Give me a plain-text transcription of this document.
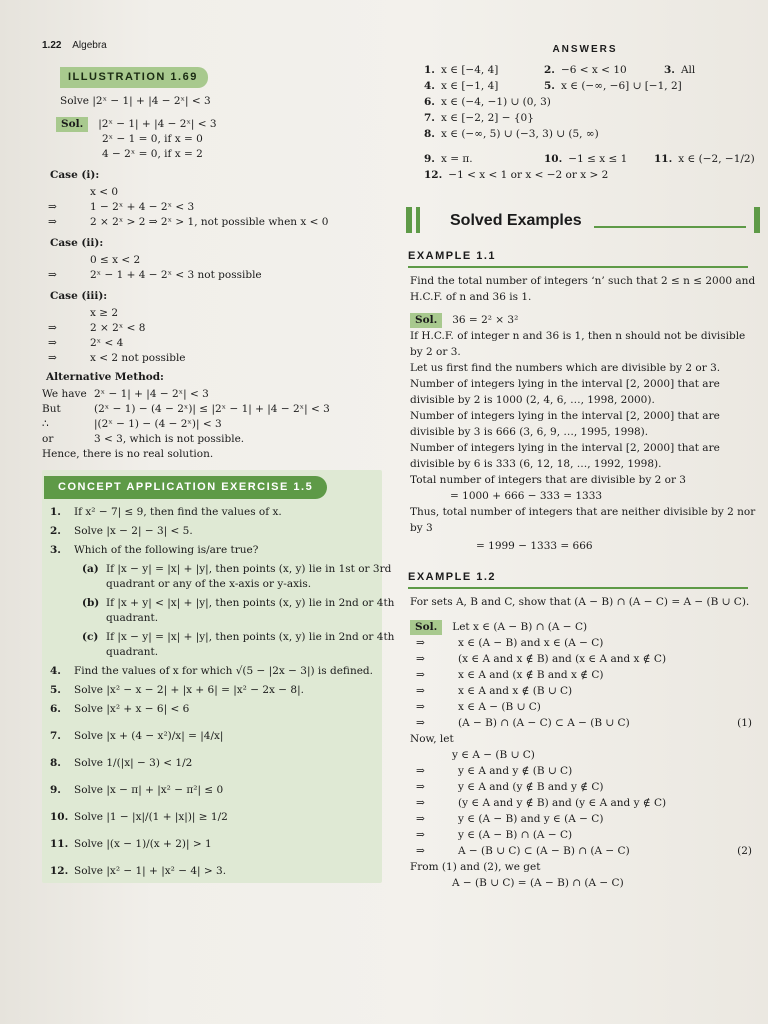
1.22 Algebra
ILLUSTRATION 1.69
Solve |2ˣ − 1| + |4 − 2ˣ| < 3
Sol. |2ˣ − 1| + |4 − 2ˣ| < 3
2ˣ − 1 = 0, if x = 0
4 − 2ˣ = 0, if x = 2
Case (i):
x < 0
⇒	1 − 2ˣ + 4 − 2ˣ < 3
⇒	2 × 2ˣ > 2 ⇒ 2ˣ > 1, not possible when x < 0
Case (ii):
0 ≤ x < 2
⇒	2ˣ − 1 + 4 − 2ˣ < 3 not possible
Case (iii):
x ≥ 2
⇒	2 × 2ˣ < 8
⇒	2ˣ < 4
⇒	x < 2 not possible
Alternative Method:
We have 2ˣ − 1| + |4 − 2ˣ| < 3
But	(2ˣ − 1) − (4 − 2ˣ)| ≤ |2ˣ − 1| + |4 − 2ˣ| < 3
∴	|(2ˣ − 1) − (4 − 2ˣ)| < 3
or	3 < 3, which is not possible.
Hence, there is no real solution.
CONCEPT APPLICATION EXERCISE 1.5
1. If x² − 7| ≤ 9, then find the values of x.
2. Solve |x − 2| − 3| < 5.
3. Which of the following is/are true?
(a) If |x − y| = |x| + |y|, then points (x, y) lie in 1st or 3rd
quadrant or any of the x-axis or y-axis.
(b) If |x + y| < |x| + |y|, then points (x, y) lie in 2nd or 4th
quadrant.
(c) If |x − y| = |x| + |y|, then points (x, y) lie in 2nd or 4th
quadrant.
4. Find the values of x for which √(5 − |2x − 3|) is defined.
5. Solve |x² − x − 2| + |x + 6| = |x² − 2x − 8|.
6. Solve |x² + x − 6| < 6
7. Solve |x + (4 − x²)/x| = |4/x|
8. Solve 1/(|x| − 3) < 1/2
9. Solve |x − π| + |x² − π²| ≤ 0
10. Solve |1 − |x|/(1 + |x|)| ≥ 1/2
11. Solve |(x − 1)/(x + 2)| > 1
12. Solve |x² − 1| + |x² − 4| > 3.
ANSWERS
1. x ∈ [−4, 4]	2. −6 < x < 10	3. All
4. x ∈ [−1, 4]	5. x ∈ (−∞, −6] ∪ [−1, 2]
6. x ∈ (−4, −1) ∪ (0, 3)
7. x ∈ [−2, 2] − {0}
8. x ∈ (−∞, 5) ∪ (−3, 3) ∪ (5, ∞)
9. x = π.	10. −1 ≤ x ≤ 1	11. x ∈ (−2, −1/2)
12. −1 < x < 1 or x < −2 or x > 2
Solved Examples
EXAMPLE 1.1
Find the total number of integers ‘n’ such that 2 ≤ n ≤ 2000 and
H.C.F. of n and 36 is 1.
Sol. 36 = 2² × 3²
If H.C.F. of integer n and 36 is 1, then n should not be divisible
by 2 or 3.
Let us first find the numbers which are divisible by 2 or 3.
Number of integers lying in the interval [2, 2000] that are
divisible by 2 is 1000 (2, 4, 6, …, 1998, 2000).
Number of integers lying in the interval [2, 2000] that are
divisible by 3 is 666 (3, 6, 9, …, 1995, 1998).
Number of integers lying in the interval [2, 2000] that are
divisible by 6 is 333 (6, 12, 18, …, 1992, 1998).
Total number of integers that are divisible by 2 or 3
= 1000 + 666 − 333 = 1333
Thus, total number of integers that are neither divisible by 2 nor
by 3
= 1999 − 1333 = 666
EXAMPLE 1.2
For sets A, B and C, show that (A − B) ∩ (A − C) = A − (B ∪ C).
Sol. Let x ∈ (A − B) ∩ (A − C)
⇒	x ∈ (A − B) and x ∈ (A − C)
⇒	(x ∈ A and x ∉ B) and (x ∈ A and x ∉ C)
⇒	x ∈ A and (x ∉ B and x ∉ C)
⇒	x ∈ A and x ∉ (B ∪ C)
⇒	x ∈ A − (B ∪ C)
⇒	(A − B) ∩ (A − C) ⊂ A − (B ∪ C)	(1)
Now, let
y ∈ A − (B ∪ C)
⇒	y ∈ A and y ∉ (B ∪ C)
⇒	y ∈ A and (y ∉ B and y ∉ C)
⇒	(y ∈ A and y ∉ B) and (y ∈ A and y ∉ C)
⇒	y ∈ (A − B) and y ∈ (A − C)
⇒	y ∈ (A − B) ∩ (A − C)
⇒	A − (B ∪ C) ⊂ (A − B) ∩ (A − C)	(2)
From (1) and (2), we get
A − (B ∪ C) = (A − B) ∩ (A − C)
